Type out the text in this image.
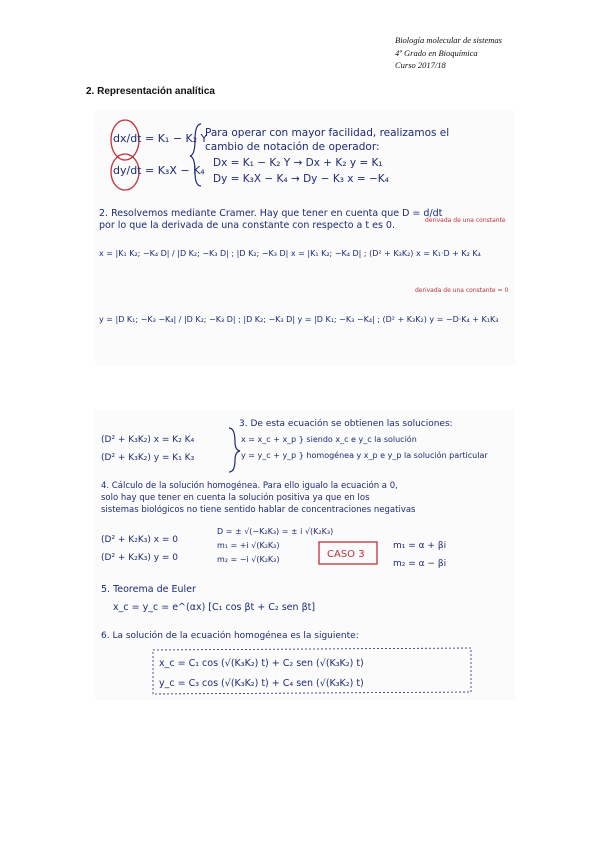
Biología molecular de sistemas
4º Grado en Bioquímica
Curso 2017/18
2. Representación analítica
dx/dt = K₁ − K₂ Y
dy/dt = K₃X − K₄
Para operar con mayor facilidad, realizamos el
cambio de notación de operador:
Dx = K₁ − K₂ Y → Dx + K₂ y = K₁
Dy = K₃X − K₄ → Dy − K₃ x = −K₄
2. Resolvemos mediante Cramer. Hay que tener en cuenta que D = d/dt
por lo que la derivada de una constante con respecto a t es 0.	derivada de una constante
x = |K₁ K₂; −K₄ D| / |D K₂; −K₃ D| ; |D K₂; −K₃ D| x = |K₁ K₂; −K₄ D| ; (D² + K₃K₂) x = K₁·D + K₂ K₄
derivada de una constante = 0
y = |D K₁; −K₃ −K₄| / |D K₂; −K₃ D| ; |D K₂; −K₃ D| y = |D K₁; −K₃ −K₄| ; (D² + K₃K₂) y = −D·K₄ + K₁K₃
3. De esta ecuación se obtienen las soluciones:
(D² + K₃K₂) x = K₂ K₄
(D² + K₃K₂) y = K₁ K₃
x = x_c + x_p } siendo x_c e y_c la solución
y = y_c + y_p } homogénea y x_p e y_p la solución particular
4. Cálculo de la solución homogénea. Para ello igualo la ecuación a 0,
solo hay que tener en cuenta la solución positiva ya que en los
sistemas biológicos no tiene sentido hablar de concentraciones negativas
(D² + K₂K₃) x = 0
(D² + K₂K₃) y = 0
D = ± √(−K₂K₃) = ± i √(K₂K₃)
m₁ = +i √(K₂K₃)
m₂ = −i √(K₂K₃)	CASO 3
m₁ = α + βi
m₂ = α − βi
5. Teorema de Euler
x_c = y_c = e^(αx) [C₁ cos βt + C₂ sen βt]
6. La solución de la ecuación homogénea es la siguiente:
x_c = C₁ cos (√(K₃K₂) t) + C₂ sen (√(K₃K₂) t)
y_c = C₃ cos (√(K₃K₂) t) + C₄ sen (√(K₃K₂) t)
